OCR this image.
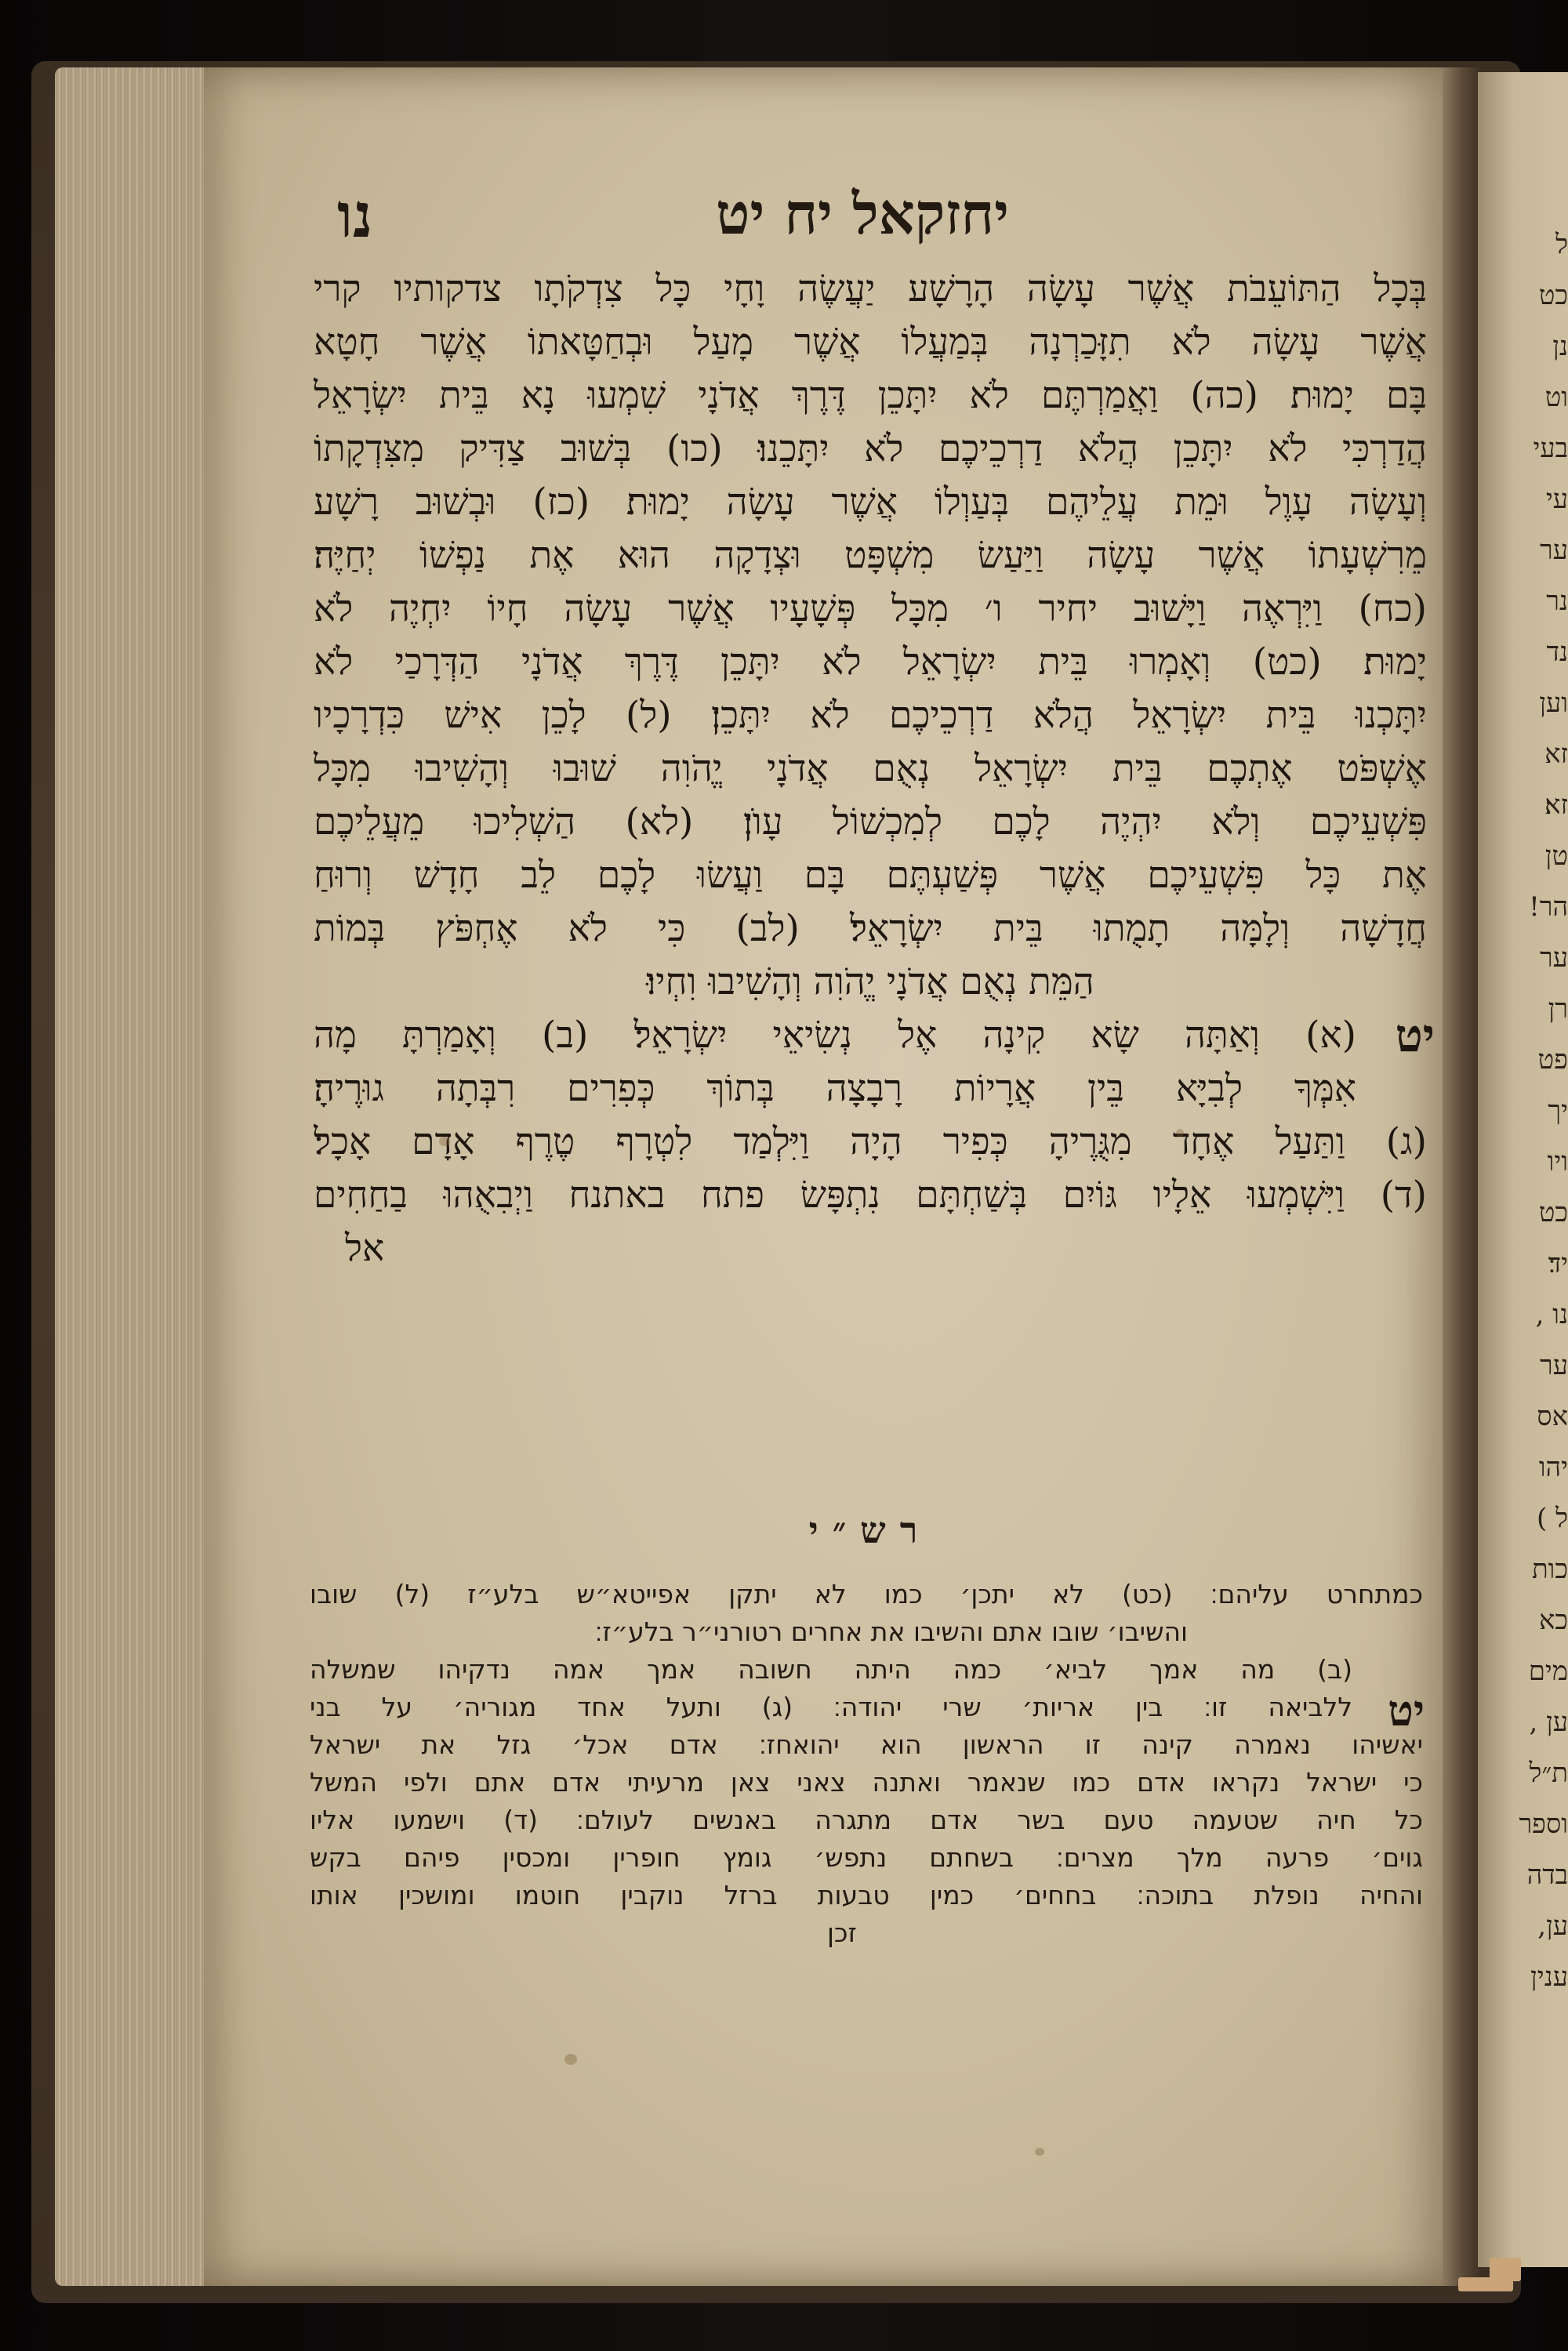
ל
כט
נן
וט
בעי
עי
ער
נר
נד
וען
זא
זא׃
טן
הר!
ער
רן
פט
יך
ויו
כט
יד׃
נו ,
ער
אס
יהו
ל )
כות
כא
מים
ען ,
ת״ל
וספר
בדה
ען,
ענין
יחזקאל יח יט
נו
בְּכָל הַתּוֹעֵבֹת אֲשֶׁר עָשָׂה הָרָשָׁע יַעֲשֶׂה וָחָי כָּל צִדְקֹתָו צדקותיו קרי
אֲשֶׁר עָשָׂה לֹא תִזָּכַרְנָה בְּמַעֲלוֹ אֲשֶׁר מָעַל וּבְחַטָּאתוֹ אֲשֶׁר חָטָא
בָּם יָמוּת׃ (כה) וַאֲמַרְתֶּם לֹא יִתָּכֵן דֶּרֶךְ אֲדֹנָי שִׁמְעוּ נָא בֵּית יִשְׂרָאֵל
הֲדַרְכִּי לֹא יִתָּכֵן הֲלֹא דַרְכֵיכֶם לֹא יִתָּכֵנוּ׃ (כו) בְּשׁוּב צַדִּיק מִצִּדְקָתוֹ
וְעָשָׂה עָוֶל וּמֵת עֲלֵיהֶם בְּעַוְלוֹ אֲשֶׁר עָשָׂה יָמוּת׃ (כז) וּבְשׁוּב רָשָׁע
מֵרִשְׁעָתוֹ אֲשֶׁר עָשָׂה וַיַּעַשׂ מִשְׁפָּט וּצְדָקָה הוּא אֶת נַפְשׁוֹ יְחַיֶּה׃
(כח) וַיִּרְאֶה וַיָּשׁוּב יחיר ו׳ מִכָּל פְּשָׁעָיו אֲשֶׁר עָשָׂה חָיוֹ יִחְיֶה לֹא
יָמוּת׃ (כט) וְאָמְרוּ בֵּית יִשְׂרָאֵל לֹא יִתָּכֵן דֶּרֶךְ אֲדֹנָי הַדְּרָכַי לֹא
יִתָּכְנוּ בֵּית יִשְׂרָאֵל הֲלֹא דַרְכֵיכֶם לֹא יִתָּכֵן׃ (ל) לָכֵן אִישׁ כִּדְרָכָיו
אֶשְׁפֹּט אֶתְכֶם בֵּית יִשְׂרָאֵל נְאֻם אֲדֹנָי יֱהֹוִה שׁוּבוּ וְהָשִׁיבוּ מִכָּל
פִּשְׁעֵיכֶם וְלֹא יִהְיֶה לָכֶם לְמִכְשׁוֹל עָוֺן׃ (לא) הַשְׁלִיכוּ מֵעֲלֵיכֶם
אֶת כָּל פִּשְׁעֵיכֶם אֲשֶׁר פְּשַׁעְתֶּם בָּם וַעֲשׂוּ לָכֶם לֵב חָדָשׁ וְרוּחַ
חֲדָשָׁה וְלָמָּה תָמֻתוּ בֵּית יִשְׂרָאֵל׃ (לב) כִּי לֹא אֶחְפֹּץ בְּמוֹת
הַמֵּת נְאֻם אֲדֹנָי יֱהֹוִה וְהָשִׁיבוּ וִחְיוּ׃
יט
(א) וְאַתָּה שָׂא קִינָה אֶל נְשִׂיאֵי יִשְׂרָאֵל׃ (ב) וְאָמַרְתָּ מָה
אִמְּךָ לְבִיָּא בֵּין אֲרָיוֹת רָבָצָה בְּתוֹךְ כְּפִרִים רִבְּתָה גוּרֶיהָ׃
(ג) וַתַּעַל אֶחָד מִגֻּרֶיהָ כְּפִיר הָיָה וַיִּלְמַד לִטְרָף טֶרֶף אָדָם אָכָל׃
(ד) וַיִּשְׁמְעוּ אֵלָיו גּוֹיִם בְּשַׁחְתָּם נִתְפָּשׂ פתח באתנח וַיְבִאֻהוּ בַחַחִים
אל
רש״י
יט
כמתחרט עליהם׃ (כט) לא יתכן׳ כמו לא יתקן אפייטא״ש בלע״ז (ל) שובו
והשיבו׳ שובו אתם והשיבו את אחרים רטורני״ר בלע״ז׃
(ב) מה אמך לביא׳ כמה היתה חשובה אמך אמה נדקיהו שמשלה
ללביאה זו׃ בין אריות׳ שרי יהודה׃ (ג) ותעל אחד מגוריה׳ על בני
יאשיהו נאמרה קינה זו הראשון הוא יהואחז׃ אדם אכל׳ גזל את ישראל
כי ישראל נקראו אדם כמו שנאמר ואתנה צאני צאן מרעיתי אדם אתם ולפי המשל
כל חיה שטעמה טעם בשר אדם מתגרה באנשים לעולם׃ (ד) וישמעו אליו
גוים׳ פרעה מלך מצרים׃ בשחתם נתפש׳ גומץ חופרין ומכסין פיהם בקש
והחיה נופלת בתוכה׃ בחחים׳ כמין טבעות ברזל נוקבין חוטמו ומושכין אותו
זכן
